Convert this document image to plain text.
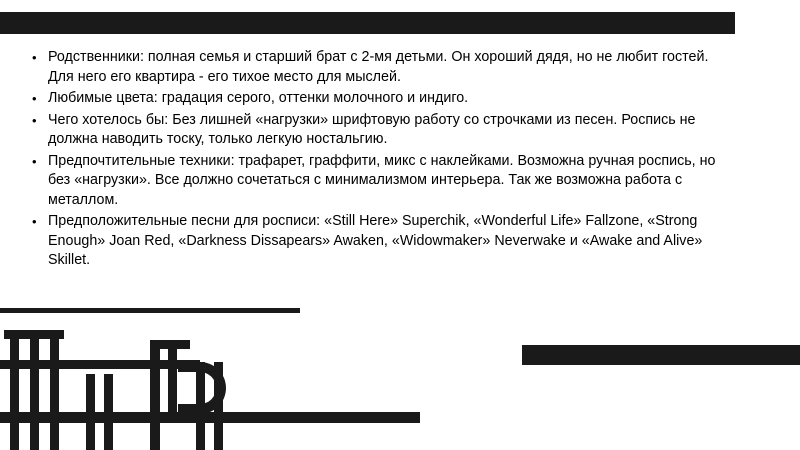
• Родственники: полная семья и старший брат с 2-мя детьми. Он хороший дядя, но не любит гостей. Для него его квартира - его тихое место для мыслей.
• Любимые цвета: градация серого, оттенки молочного и индиго.
• Чего хотелось бы: Без лишней «нагрузки» шрифтовую работу со строчками из песен. Роспись не должна наводить тоску, только легкую ностальгию.
• Предпочтительные техники: трафарет, граффити, микс с наклейками. Возможна ручная роспись, но без «нагрузки». Все должно сочетаться с минимализмом интерьера. Так же возможна работа с металлом.
• Предположительные песни для росписи: «Still Here» Superchik, «Wonderful Life» Fallzone, «Strong Enough» Joan Red, «Darkness Dissapears» Awaken, «Widowmaker» Neverwake и «Awake and Alive» Skillet.
